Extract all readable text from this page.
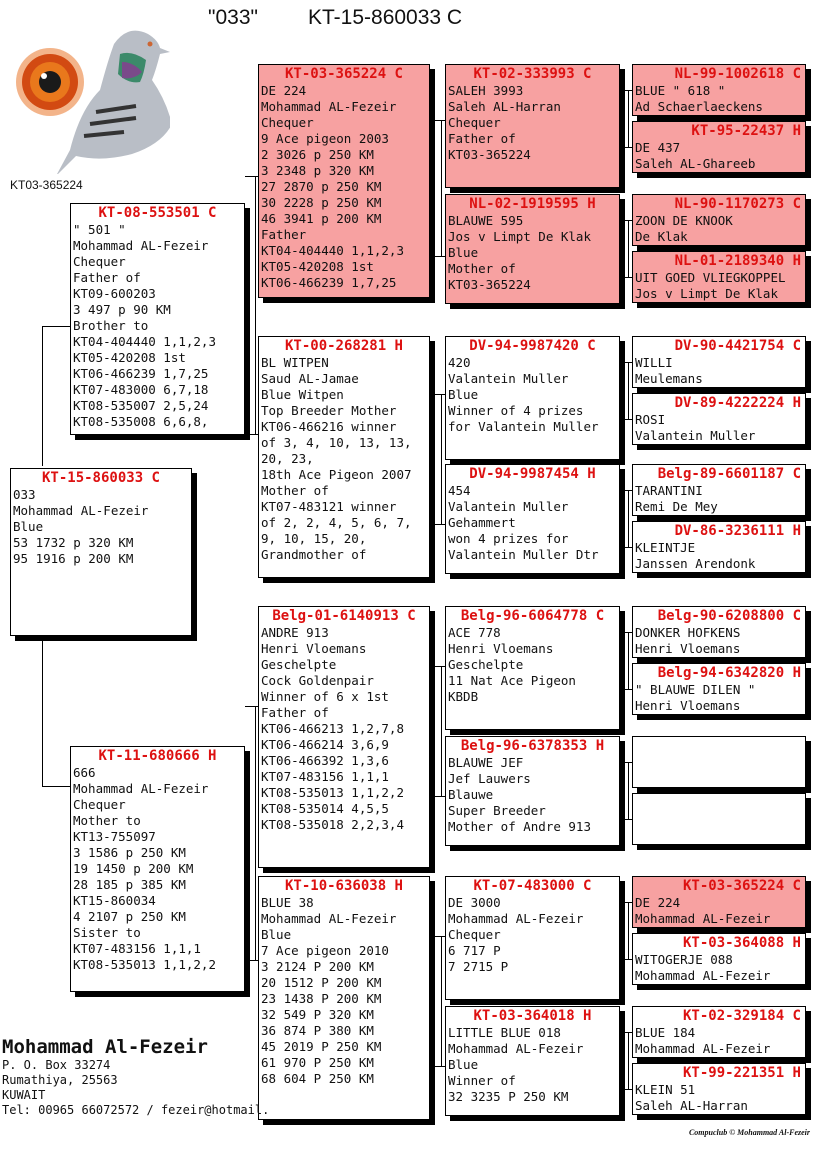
"033" KT-15-860033 C
KT03-365224
KT-15-860033 C
033
Mohammad AL-Fezeir
Blue
53 1732 p 320 KM
95 1916 p 200 KM
KT-08-553501 C
" 501 "
Mohammad AL-Fezeir
Chequer
Father of
KT09-600203
3 497 p 90 KM
Brother to
KT04-404440 1,1,2,3
KT05-420208 1st
KT06-466239 1,7,25
KT07-483000 6,7,18
KT08-535007 2,5,24
KT08-535008 6,6,8,
KT-11-680666 H
666
Mohammad AL-Fezeir
Chequer
Mother to
KT13-755097
3 1586 p 250 KM
19 1450 p 200 KM
28 185 p 385 KM
KT15-860034
4 2107 p 250 KM
Sister to
KT07-483156 1,1,1
KT08-535013 1,1,2,2
KT-03-365224 C
DE 224
Mohammad AL-Fezeir
Chequer
9 Ace pigeon 2003
2 3026 p 250 KM
3 2348 p 320 KM
27 2870 p 250 KM
30 2228 p 250 KM
46 3941 p 200 KM
Father
KT04-404440 1,1,2,3
KT05-420208 1st
KT06-466239 1,7,25
KT-00-268281 H
BL WITPEN
Saud AL-Jamae
Blue Witpen
Top Breeder Mother
KT06-466216 winner
of 3, 4, 10, 13, 13,
20, 23,
18th Ace Pigeon 2007
Mother of
KT07-483121 winner
of 2, 2, 4, 5, 6, 7,
9, 10, 15, 20,
Grandmother of
Belg-01-6140913 C
ANDRE 913
Henri Vloemans
Geschelpte
Cock Goldenpair
Winner of 6 x 1st
Father of
KT06-466213 1,2,7,8
KT06-466214 3,6,9
KT06-466392 1,3,6
KT07-483156 1,1,1
KT08-535013 1,1,2,2
KT08-535014 4,5,5
KT08-535018 2,2,3,4
KT-10-636038 H
BLUE 38
Mohammad AL-Fezeir
Blue
7 Ace pigeon 2010
3 2124 P 200 KM
20 1512 P 200 KM
23 1438 P 200 KM
32 549 P 320 KM
36 874 P 380 KM
45 2019 P 250 KM
61 970 P 250 KM
68 604 P 250 KM
KT-02-333993 C
SALEH 3993
Saleh AL-Harran
Chequer
Father of
KT03-365224
NL-02-1919595 H
BLAUWE 595
Jos v Limpt De Klak
Blue
Mother of
KT03-365224
DV-94-9987420 C
420
Valantein Muller
Blue
Winner of 4 prizes
for Valantein Muller
DV-94-9987454 H
454
Valantein Muller
Gehammert
won 4 prizes for
Valantein Muller Dtr
Belg-96-6064778 C
ACE 778
Henri Vloemans
Geschelpte
11 Nat Ace Pigeon
KBDB
Belg-96-6378353 H
BLAUWE JEF
Jef Lauwers
Blauwe
Super Breeder
Mother of Andre 913
KT-07-483000 C
DE 3000
Mohammad AL-Fezeir
Chequer
6 717 P
7 2715 P
KT-03-364018 H
LITTLE BLUE 018
Mohammad AL-Fezeir
Blue
Winner of
32 3235 P 250 KM
NL-99-1002618 C
BLUE " 618 "
Ad Schaerlaeckens
KT-95-22437 H
DE 437
Saleh AL-Ghareeb
NL-90-1170273 C
ZOON DE KNOOK
De Klak
NL-01-2189340 H
UIT GOED VLIEGKOPPEL
Jos v Limpt De Klak
DV-90-4421754 C
WILLI
Meulemans
DV-89-4222224 H
ROSI
Valantein Muller
Belg-89-6601187 C
TARANTINI
Remi De Mey
DV-86-3236111 H
KLEINTJE
Janssen Arendonk
Belg-90-6208800 C
DONKER HOFKENS
Henri Vloemans
Belg-94-6342820 H
" BLAUWE DILEN "
Henri Vloemans
KT-03-365224 C
DE 224
Mohammad AL-Fezeir
KT-03-364088 H
WITOGERJE 088
Mohammad AL-Fezeir
KT-02-329184 C
BLUE 184
Mohammad AL-Fezeir
KT-99-221351 H
KLEIN 51
Saleh AL-Harran
Mohammad Al-Fezeir
P. O. Box 33274
Rumathiya, 25563
KUWAIT
Tel: 00965 66072572 / fezeir@hotmail.
Compuclub © Mohammad Al-Fezeir
